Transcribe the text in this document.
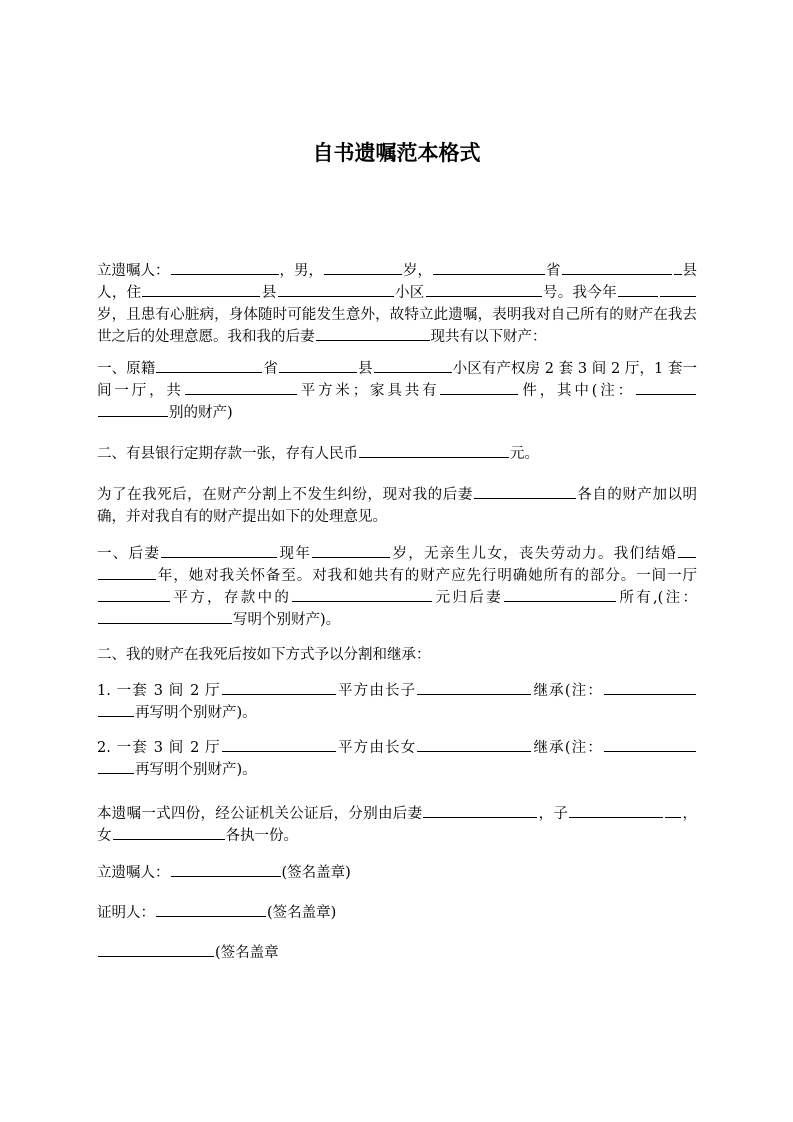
自书遗嘱范本格式

立遗嘱人：	，男，	岁，	省	县人，住	县	小区	号。我今年岁，且患有心脏病，身体随时可能发生意外，故特立此遗嘱，表明我对自己所有的财产在我去世之后的处理意愿。我和我的后妻	现共有以下财产：

一、原籍	省	县	小区有产权房 2 套 3 间 2 厅，1 套一间一厅，共	平方米；家具共有	件，其中(注：别的财产)

二、有县银行定期存款一张，存有人民币	元。

为了在我死后，在财产分割上不发生纠纷，现对我的后妻	各自的财产加以明确，并对我自有的财产提出如下的处理意见。

一、后妻	现年	岁，无亲生儿女，丧失劳动力。我们结婚年，她对我关怀备至。对我和她共有的财产应先行明确她所有的部分。一间一厅平方，存款中的	元归后妻	所有,(注：写明个别财产)。

二、我的财产在我死后按如下方式予以分割和继承：

1. 一套 3 间 2 厅	平方由长子	继承(注：再写明个别财产)。

2. 一套 3 间 2 厅	平方由长女	继承(注：再写明个别财产)。

本遗嘱一式四份，经公证机关公证后，分别由后妻	，子	，女	各执一份。

立遗嘱人：	(签名盖章)

证明人：	(签名盖章)

(签名盖章
